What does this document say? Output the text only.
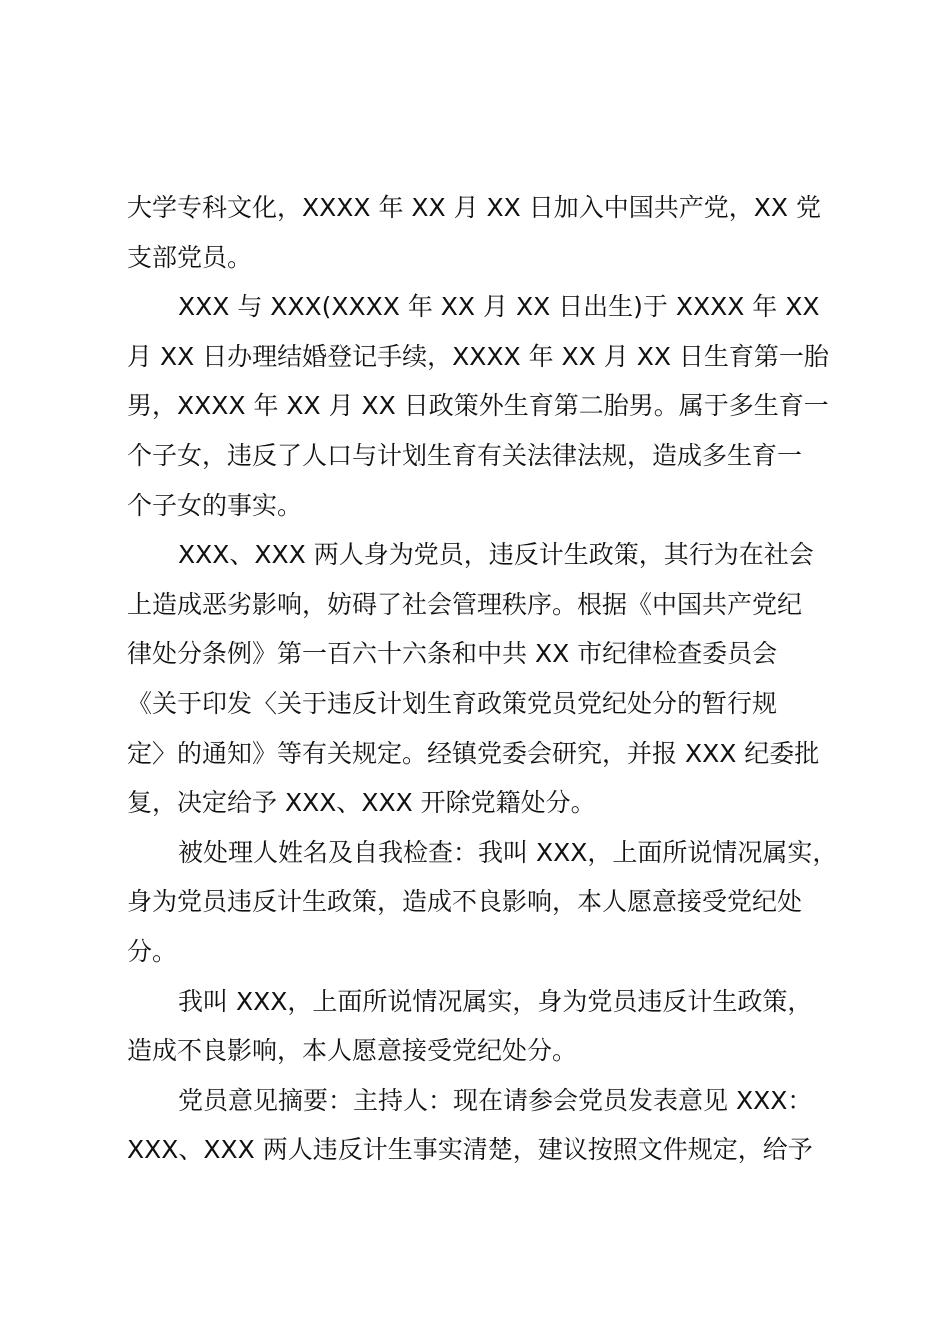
大学专科文化，XXXX 年 XX 月 XX 日加入中国共产党，XX 党
支部党员。
XXX 与 XXX(XXXX 年 XX 月 XX 日出生)于 XXXX 年 XX
月 XX 日办理结婚登记手续，XXXX 年 XX 月 XX 日生育第一胎
男，XXXX 年 XX 月 XX 日政策外生育第二胎男。属于多生育一
个子女，违反了人口与计划生育有关法律法规，造成多生育一
个子女的事实。
XXX、XXX 两人身为党员，违反计生政策，其行为在社会
上造成恶劣影响，妨碍了社会管理秩序。根据《中国共产党纪
律处分条例》第一百六十六条和中共 XX 市纪律检查委员会
《关于印发〈关于违反计划生育政策党员党纪处分的暂行规
定〉的通知》等有关规定。经镇党委会研究，并报 XXX 纪委批
复，决定给予 XXX、XXX 开除党籍处分。
被处理人姓名及自我检查：我叫 XXX，上面所说情况属实，
身为党员违反计生政策，造成不良影响，本人愿意接受党纪处
分。
我叫 XXX，上面所说情况属实，身为党员违反计生政策，
造成不良影响，本人愿意接受党纪处分。
党员意见摘要：主持人：现在请参会党员发表意见 XXX：
XXX、XXX 两人违反计生事实清楚，建议按照文件规定，给予
